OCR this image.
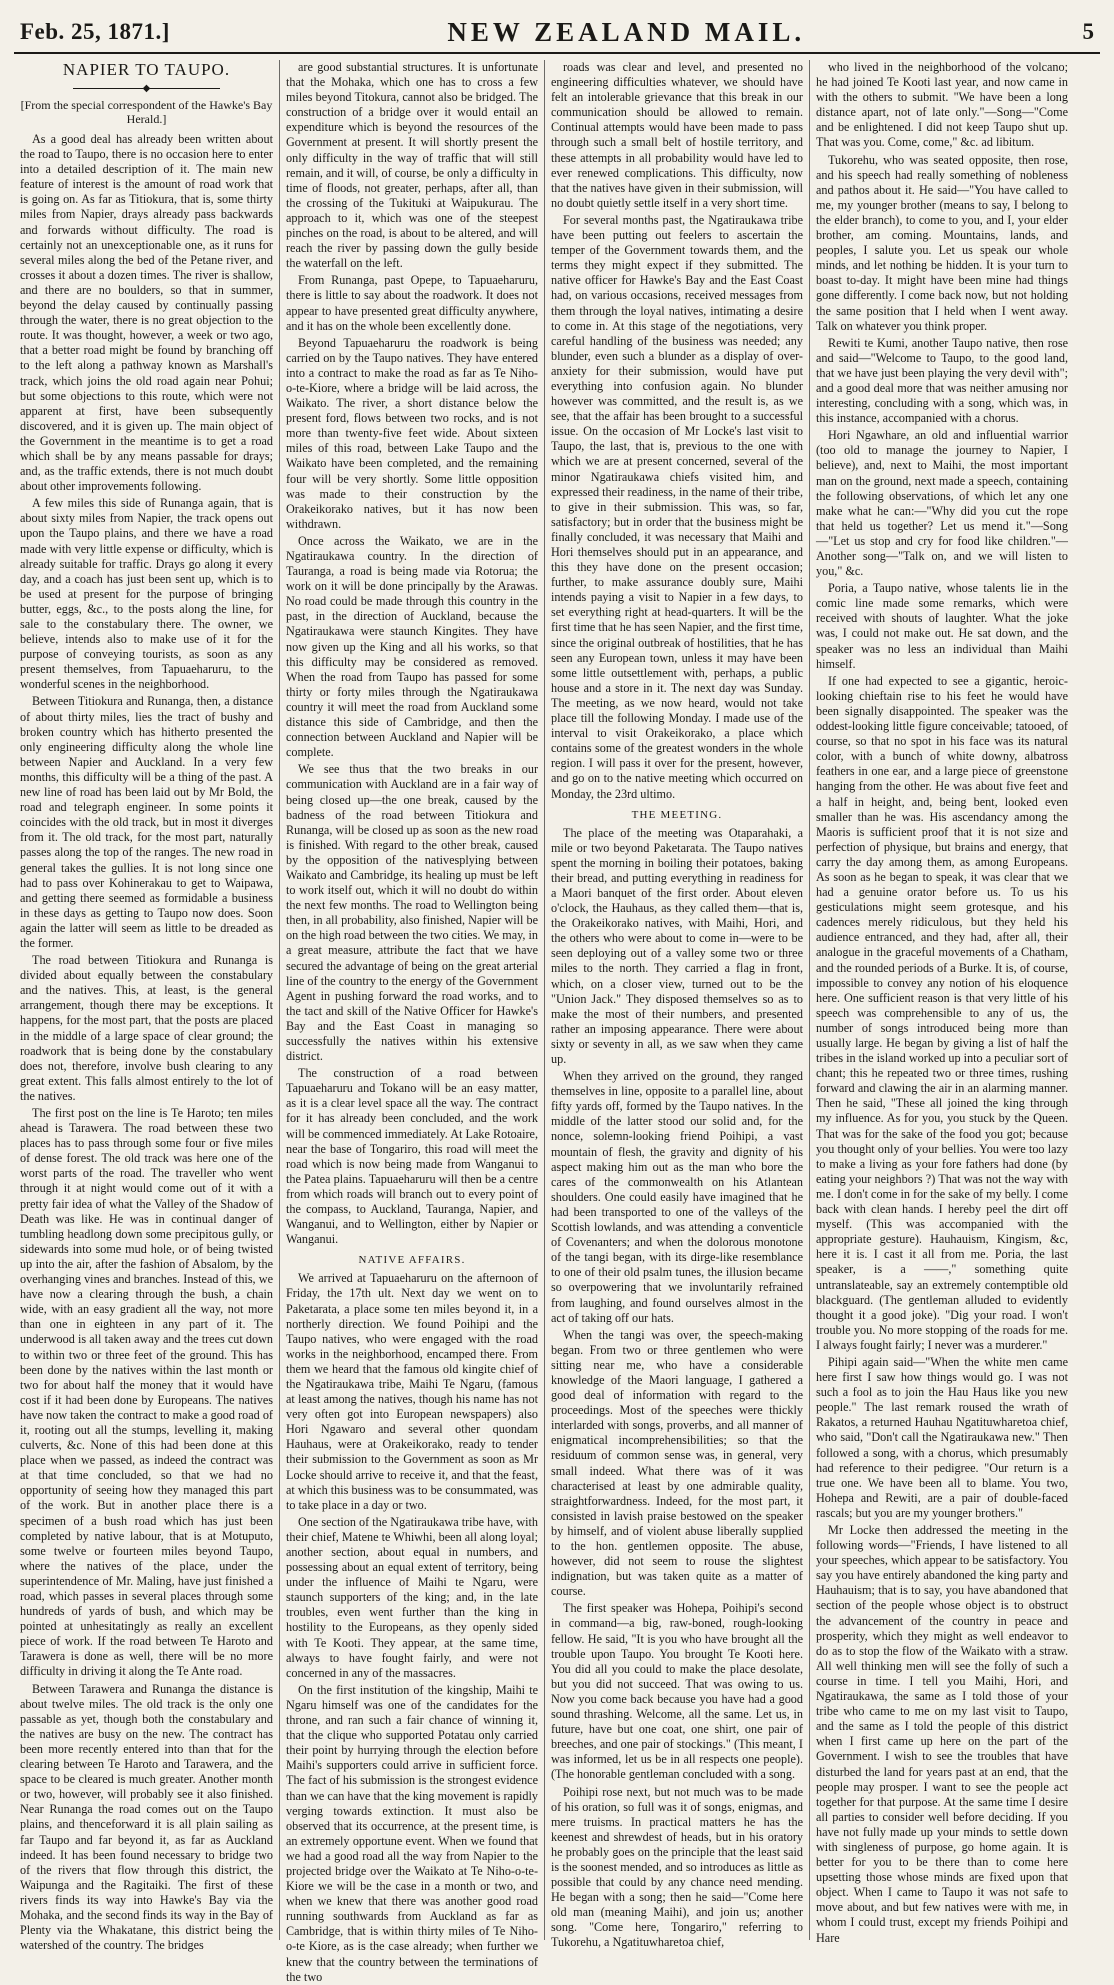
Feb. 25, 1871.]	NEW ZEALAND MAIL.	5
NAPIER TO TAUPO.
◆
[From the special correspondent of the Hawke's Bay Herald.]

As a good deal has already been written about the road to Taupo, there is no occasion here to enter into a detailed description of it. The main new feature of interest is the amount of road work that is going on. As far as Titiokura, that is, some thirty miles from Napier, drays already pass backwards and forwards without difficulty. The road is certainly not an unexceptionable one, as it runs for several miles along the bed of the Petane river, and crosses it about a dozen times. The river is shallow, and there are no boulders, so that in summer, beyond the delay caused by continually passing through the water, there is no great objection to the route. It was thought, however, a week or two ago, that a better road might be found by branching off to the left along a pathway known as Marshall's track, which joins the old road again near Pohui; but some objections to this route, which were not apparent at first, have been subsequently discovered, and it is given up. The main object of the Government in the meantime is to get a road which shall be by any means passable for drays; and, as the traffic extends, there is not much doubt about other improvements following.

A few miles this side of Runanga again, that is about sixty miles from Napier, the track opens out upon the Taupo plains, and there we have a road made with very little expense or difficulty, which is already suitable for traffic. Drays go along it every day, and a coach has just been sent up, which is to be used at present for the purpose of bringing butter, eggs, &c., to the posts along the line, for sale to the constabulary there. The owner, we believe, intends also to make use of it for the purpose of conveying tourists, as soon as any present themselves, from Tapuaeharuru, to the wonderful scenes in the neighborhood.

Between Titiokura and Runanga, then, a distance of about thirty miles, lies the tract of bushy and broken country which has hitherto presented the only engineering difficulty along the whole line between Napier and Auckland. In a very few months, this difficulty will be a thing of the past. A new line of road has been laid out by Mr Bold, the road and telegraph engineer. In some points it coincides with the old track, but in most it diverges from it. The old track, for the most part, naturally passes along the top of the ranges. The new road in general takes the gullies. It is not long since one had to pass over Kohinerakau to get to Waipawa, and getting there seemed as formidable a business in these days as getting to Taupo now does. Soon again the latter will seem as little to be dreaded as the former.

The road between Titiokura and Runanga is divided about equally between the constabulary and the natives. This, at least, is the general arrangement, though there may be exceptions. It happens, for the most part, that the posts are placed in the middle of a large space of clear ground; the roadwork that is being done by the constabulary does not, therefore, involve bush clearing to any great extent. This falls almost entirely to the lot of the natives.

The first post on the line is Te Haroto; ten miles ahead is Tarawera. The road between these two places has to pass through some four or five miles of dense forest. The old track was here one of the worst parts of the road. The traveller who went through it at night would come out of it with a pretty fair idea of what the Valley of the Shadow of Death was like. He was in continual danger of tumbling headlong down some precipitous gully, or sidewards into some mud hole, or of being twisted up into the air, after the fashion of Absalom, by the overhanging vines and branches. Instead of this, we have now a clearing through the bush, a chain wide, with an easy gradient all the way, not more than one in eighteen in any part of it. The underwood is all taken away and the trees cut down to within two or three feet of the ground. This has been done by the natives within the last month or two for about half the money that it would have cost if it had been done by Europeans. The natives have now taken the contract to make a good road of it, rooting out all the stumps, levelling it, making culverts, &c. None of this had been done at this place when we passed, as indeed the contract was at that time concluded, so that we had no opportunity of seeing how they managed this part of the work. But in another place there is a specimen of a bush road which has just been completed by native labour, that is at Motuputo, some twelve or fourteen miles beyond Taupo, where the natives of the place, under the superintendence of Mr. Maling, have just finished a road, which passes in several places through some hundreds of yards of bush, and which may be pointed at unhesitatingly as really an excellent piece of work. If the road between Te Haroto and Tarawera is done as well, there will be no more difficulty in driving it along the Te Ante road.

Between Tarawera and Runanga the distance is about twelve miles. The old track is the only one passable as yet, though both the constabulary and the natives are busy on the new. The contract has been more recently entered into than that for the clearing between Te Haroto and Tarawera, and the space to be cleared is much greater. Another month or two, however, will probably see it also finished. Near Runanga the road comes out on the Taupo plains, and thenceforward it is all plain sailing as far Taupo and far beyond it, as far as Auckland indeed. It has been found necessary to bridge two of the rivers that flow through this district, the Waipunga and the Ragitaiki. The first of these rivers finds its way into Hawke's Bay via the Mohaka, and the second finds its way in the Bay of Plenty via the Whakatane, this district being the watershed of the country. The bridges

are good substantial structures. It is unfortunate that the Mohaka, which one has to cross a few miles beyond Titokura, cannot also be bridged. The construction of a bridge over it would entail an expenditure which is beyond the resources of the Government at present. It will shortly present the only difficulty in the way of traffic that will still remain, and it will, of course, be only a difficulty in time of floods, not greater, perhaps, after all, than the crossing of the Tukituki at Waipukurau. The approach to it, which was one of the steepest pinches on the road, is about to be altered, and will reach the river by passing down the gully beside the waterfall on the left.

From Runanga, past Opepe, to Tapuaeharuru, there is little to say about the roadwork. It does not appear to have presented great difficulty anywhere, and it has on the whole been excellently done.

Beyond Tapuaeharuru the roadwork is being carried on by the Taupo natives. They have entered into a contract to make the road as far as Te Niho-o-te-Kiore, where a bridge will be laid across, the Waikato. The river, a short distance below the present ford, flows between two rocks, and is not more than twenty-five feet wide. About sixteen miles of this road, between Lake Taupo and the Waikato have been completed, and the remaining four will be very shortly. Some little opposition was made to their construction by the Orakeikorako natives, but it has now been withdrawn.

Once across the Waikato, we are in the Ngatiraukawa country. In the direction of Tauranga, a road is being made via Rotorua; the work on it will be done principally by the Arawas. No road could be made through this country in the past, in the direction of Auckland, because the Ngatiraukawa were staunch Kingites. They have now given up the King and all his works, so that this difficulty may be considered as removed. When the road from Taupo has passed for some thirty or forty miles through the Ngatiraukawa country it will meet the road from Auckland some distance this side of Cambridge, and then the connection between Auckland and Napier will be complete.

We see thus that the two breaks in our communication with Auckland are in a fair way of being closed up—the one break, caused by the badness of the road between Titiokura and Runanga, will be closed up as soon as the new road is finished. With regard to the other break, caused by the opposition of the nativesplying between Waikato and Cambridge, its healing up must be left to work itself out, which it will no doubt do within the next few months. The road to Wellington being then, in all probability, also finished, Napier will be on the high road between the two cities. We may, in a great measure, attribute the fact that we have secured the advantage of being on the great arterial line of the country to the energy of the Government Agent in pushing forward the road works, and to the tact and skill of the Native Officer for Hawke's Bay and the East Coast in managing so successfully the natives within his extensive district.

The construction of a road between Tapuaeharuru and Tokano will be an easy matter, as it is a clear level space all the way. The contract for it has already been concluded, and the work will be commenced immediately. At Lake Rotoaire, near the base of Tongariro, this road will meet the road which is now being made from Wanganui to the Patea plains. Tapuaeharuru will then be a centre from which roads will branch out to every point of the compass, to Auckland, Tauranga, Napier, and Wanganui, and to Wellington, either by Napier or Wanganui.

NATIVE AFFAIRS.

We arrived at Tapuaeharuru on the afternoon of Friday, the 17th ult. Next day we went on to Paketarata, a place some ten miles beyond it, in a northerly direction. We found Poihipi and the Taupo natives, who were engaged with the road works in the neighborhood, encamped there. From them we heard that the famous old kingite chief of the Ngatiraukawa tribe, Maihi Te Ngaru, (famous at least among the natives, though his name has not very often got into European newspapers) also Hori Ngawaro and several other quondam Hauhaus, were at Orakeikorako, ready to tender their submission to the Government as soon as Mr Locke should arrive to receive it, and that the feast, at which this business was to be consummated, was to take place in a day or two.

One section of the Ngatiraukawa tribe have, with their chief, Matene te Whiwhi, been all along loyal; another section, about equal in numbers, and possessing about an equal extent of territory, being under the influence of Maihi te Ngaru, were staunch supporters of the king; and, in the late troubles, even went further than the king in hostility to the Europeans, as they openly sided with Te Kooti. They appear, at the same time, always to have fought fairly, and were not concerned in any of the massacres.

On the first institution of the kingship, Maihi te Ngaru himself was one of the candidates for the throne, and ran such a fair chance of winning it, that the clique who supported Potatau only carried their point by hurrying through the election before Maihi's supporters could arrive in sufficient force. The fact of his submission is the strongest evidence than we can have that the king movement is rapidly verging towards extinction. It must also be observed that its occurrence, at the present time, is an extremely opportune event. When we found that we had a good road all the way from Napier to the projected bridge over the Waikato at Te Niho-o-te-Kiore we will be the case in a month or two, and when we knew that there was another good road running southwards from Auckland as far as Cambridge, that is within thirty miles of Te Niho-o-te Kiore, as is the case already; when further we knew that the country between the terminations of the two

roads was clear and level, and presented no engineering difficulties whatever, we should have felt an intolerable grievance that this break in our communication should be allowed to remain. Continual attempts would have been made to pass through such a small belt of hostile territory, and these attempts in all probability would have led to ever renewed complications. This difficulty, now that the natives have given in their submission, will no doubt quietly settle itself in a very short time.

For several months past, the Ngatiraukawa tribe have been putting out feelers to ascertain the temper of the Government towards them, and the terms they might expect if they submitted. The native officer for Hawke's Bay and the East Coast had, on various occasions, received messages from them through the loyal natives, intimating a desire to come in. At this stage of the negotiations, very careful handling of the business was needed; any blunder, even such a blunder as a display of over-anxiety for their submission, would have put everything into confusion again. No blunder however was committed, and the result is, as we see, that the affair has been brought to a successful issue. On the occasion of Mr Locke's last visit to Taupo, the last, that is, previous to the one with which we are at present concerned, several of the minor Ngatiraukawa chiefs visited him, and expressed their readiness, in the name of their tribe, to give in their submission. This was, so far, satisfactory; but in order that the business might be finally concluded, it was necessary that Maihi and Hori themselves should put in an appearance, and this they have done on the present occasion; further, to make assurance doubly sure, Maihi intends paying a visit to Napier in a few days, to set everything right at head-quarters. It will be the first time that he has seen Napier, and the first time, since the original outbreak of hostilities, that he has seen any European town, unless it may have been some little outsettlement with, perhaps, a public house and a store in it. The next day was Sunday. The meeting, as we now heard, would not take place till the following Monday. I made use of the interval to visit Orakeikorako, a place which contains some of the greatest wonders in the whole region. I will pass it over for the present, however, and go on to the native meeting which occurred on Monday, the 23rd ultimo.

THE MEETING.

The place of the meeting was Otaparahaki, a mile or two beyond Paketarata. The Taupo natives spent the morning in boiling their potatoes, baking their bread, and putting everything in readiness for a Maori banquet of the first order. About eleven o'clock, the Hauhaus, as they called them—that is, the Orakeikorako natives, with Maihi, Hori, and the others who were about to come in—were to be seen deploying out of a valley some two or three miles to the north. They carried a flag in front, which, on a closer view, turned out to be the "Union Jack." They disposed themselves so as to make the most of their numbers, and presented rather an imposing appearance. There were about sixty or seventy in all, as we saw when they came up.

When they arrived on the ground, they ranged themselves in line, opposite to a parallel line, about fifty yards off, formed by the Taupo natives. In the middle of the latter stood our solid and, for the nonce, solemn-looking friend Poihipi, a vast mountain of flesh, the gravity and dignity of his aspect making him out as the man who bore the cares of the commonwealth on his Atlantean shoulders. One could easily have imagined that he had been transported to one of the valleys of the Scottish lowlands, and was attending a conventicle of Covenanters; and when the dolorous monotone of the tangi began, with its dirge-like resemblance to one of their old psalm tunes, the illusion became so overpowering that we involuntarily refrained from laughing, and found ourselves almost in the act of taking off our hats.

When the tangi was over, the speech-making began. From two or three gentlemen who were sitting near me, who have a considerable knowledge of the Maori language, I gathered a good deal of information with regard to the proceedings. Most of the speeches were thickly interlarded with songs, proverbs, and all manner of enigmatical incomprehensibilities; so that the residuum of common sense was, in general, very small indeed. What there was of it was characterised at least by one admirable quality, straightforwardness. Indeed, for the most part, it consisted in lavish praise bestowed on the speaker by himself, and of violent abuse liberally supplied to the hon. gentlemen opposite. The abuse, however, did not seem to rouse the slightest indignation, but was taken quite as a matter of course.

The first speaker was Hohepa, Poihipi's second in command—a big, raw-boned, rough-looking fellow. He said, "It is you who have brought all the trouble upon Taupo. You brought Te Kooti here. You did all you could to make the place desolate, but you did not succeed. That was owing to us. Now you come back because you have had a good sound thrashing. Welcome, all the same. Let us, in future, have but one coat, one shirt, one pair of breeches, and one pair of stockings." (This meant, I was informed, let us be in all respects one people). (The honorable gentleman concluded with a song.

Poihipi rose next, but not much was to be made of his oration, so full was it of songs, enigmas, and mere truisms. In practical matters he has the keenest and shrewdest of heads, but in his oratory he probably goes on the principle that the least said is the soonest mended, and so introduces as little as possible that could by any chance need mending. He began with a song; then he said—"Come here old man (meaning Maihi), and join us; another song. "Come here, Tongariro," referring to Tukorehu, a Ngatituwharetoa chief,

who lived in the neighborhood of the volcano; he had joined Te Kooti last year, and now came in with the others to submit. "We have been a long distance apart, not of late only."—Song—"Come and be enlightened. I did not keep Taupo shut up. That was you. Come, come," &c. ad libitum.

Tukorehu, who was seated opposite, then rose, and his speech had really something of nobleness and pathos about it. He said—"You have called to me, my younger brother (means to say, I belong to the elder branch), to come to you, and I, your elder brother, am coming. Mountains, lands, and peoples, I salute you. Let us speak our whole minds, and let nothing be hidden. It is your turn to boast to-day. It might have been mine had things gone differently. I come back now, but not holding the same position that I held when I went away. Talk on whatever you think proper.

Rewiti te Kumi, another Taupo native, then rose and said—"Welcome to Taupo, to the good land, that we have just been playing the very devil with"; and a good deal more that was neither amusing nor interesting, concluding with a song, which was, in this instance, accompanied with a chorus.

Hori Ngawhare, an old and influential warrior (too old to manage the journey to Napier, I believe), and, next to Maihi, the most important man on the ground, next made a speech, containing the following observations, of which let any one make what he can:—"Why did you cut the rope that held us together? Let us mend it."—Song—"Let us stop and cry for food like children."—Another song—"Talk on, and we will listen to you," &c.

Poria, a Taupo native, whose talents lie in the comic line made some remarks, which were received with shouts of laughter. What the joke was, I could not make out. He sat down, and the speaker was no less an individual than Maihi himself.

If one had expected to see a gigantic, heroic-looking chieftain rise to his feet he would have been signally disappointed. The speaker was the oddest-looking little figure conceivable; tatooed, of course, so that no spot in his face was its natural color, with a bunch of white downy, albatross feathers in one ear, and a large piece of greenstone hanging from the other. He was about five feet and a half in height, and, being bent, looked even smaller than he was. His ascendancy among the Maoris is sufficient proof that it is not size and perfection of physique, but brains and energy, that carry the day among them, as among Europeans. As soon as he began to speak, it was clear that we had a genuine orator before us. To us his gesticulations might seem grotesque, and his cadences merely ridiculous, but they held his audience entranced, and they had, after all, their analogue in the graceful movements of a Chatham, and the rounded periods of a Burke. It is, of course, impossible to convey any notion of his eloquence here. One sufficient reason is that very little of his speech was comprehensible to any of us, the number of songs introduced being more than usually large. He began by giving a list of half the tribes in the island worked up into a peculiar sort of chant; this he repeated two or three times, rushing forward and clawing the air in an alarming manner. Then he said, "These all joined the king through my influence. As for you, you stuck by the Queen. That was for the sake of the food you got; because you thought only of your bellies. You were too lazy to make a living as your fore fathers had done (by eating your neighbors ?) That was not the way with me. I don't come in for the sake of my belly. I come back with clean hands. I hereby peel the dirt off myself. (This was accompanied with the appropriate gesture). Hauhauism, Kingism, &c, here it is. I cast it all from me. Poria, the last speaker, is a ——," something quite untranslateable, say an extremely contemptible old blackguard. (The gentleman alluded to evidently thought it a good joke). "Dig your road. I won't trouble you. No more stopping of the roads for me. I always fought fairly; I never was a murderer."

Pihipi again said—"When the white men came here first I saw how things would go. I was not such a fool as to join the Hau Haus like you new people." The last remark roused the wrath of Rakatos, a returned Hauhau Ngatituwharetoa chief, who said, "Don't call the Ngatiraukawa new." Then followed a song, with a chorus, which presumably had reference to their pedigree. "Our return is a true one. We have been all to blame. You two, Hohepa and Rewiti, are a pair of double-faced rascals; but you are my younger brothers."

Mr Locke then addressed the meeting in the following words—"Friends, I have listened to all your speeches, which appear to be satisfactory. You say you have entirely abandoned the king party and Hauhauism; that is to say, you have abandoned that section of the people whose object is to obstruct the advancement of the country in peace and prosperity, which they might as well endeavor to do as to stop the flow of the Waikato with a straw. All well thinking men will see the folly of such a course in time. I tell you Maihi, Hori, and Ngatiraukawa, the same as I told those of your tribe who came to me on my last visit to Taupo, and the same as I told the people of this district when I first came up here on the part of the Government. I wish to see the troubles that have disturbed the land for years past at an end, that the people may prosper. I want to see the people act together for that purpose. At the same time I desire all parties to consider well before deciding. If you have not fully made up your minds to settle down with singleness of purpose, go home again. It is better for you to be there than to come here upsetting those whose minds are fixed upon that object. When I came to Taupo it was not safe to move about, and but few natives were with me, in whom I could trust, except my friends Poihipi and Hare
